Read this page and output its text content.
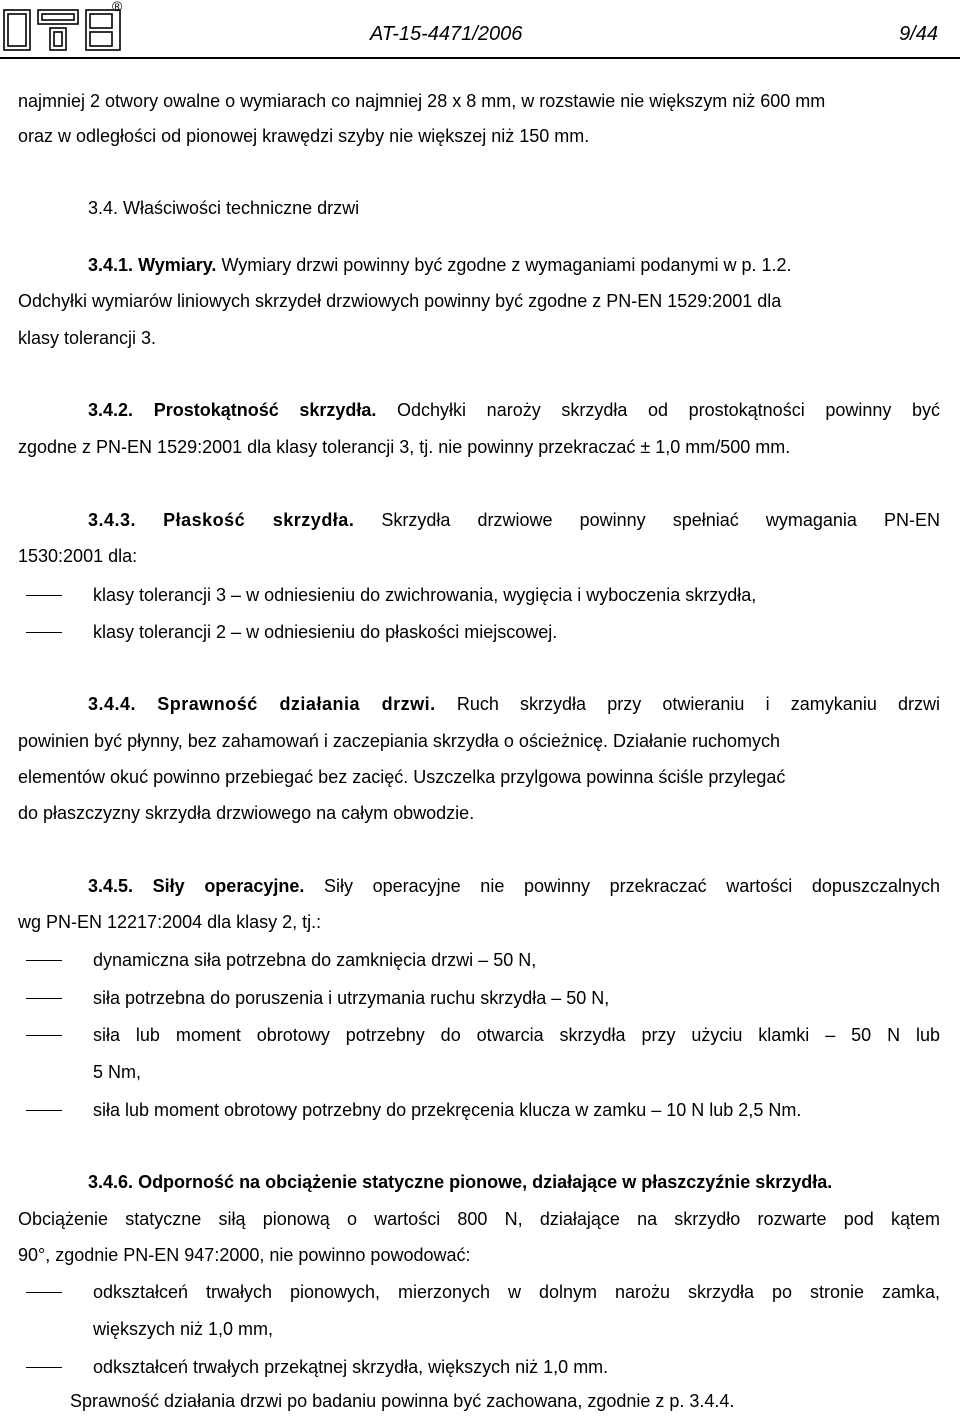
®
AT-15-4471/2006	9/44
najmniej 2 otwory owalne o wymiarach co najmniej 28 x 8 mm, w rozstawie nie większym niż 600 mm
oraz w odległości od pionowej krawędzi szyby nie większej niż 150 mm.
3.4. Właściwości techniczne drzwi
3.4.1. Wymiary. Wymiary drzwi powinny być zgodne z wymaganiami podanymi w p. 1.2.
Odchyłki wymiarów liniowych skrzydeł drzwiowych powinny być zgodne z PN-EN 1529:2001 dla
klasy tolerancji 3.
3.4.2. Prostokątność skrzydła. Odchyłki naroży skrzydła od prostokątności powinny być
zgodne z PN-EN 1529:2001 dla klasy tolerancji 3, tj. nie powinny przekraczać ± 1,0 mm/500 mm.
3.4.3. Płaskość skrzydła. Skrzydła drzwiowe powinny spełniać wymagania PN-EN
1530:2001 dla:
klasy tolerancji 3 – w odniesieniu do zwichrowania, wygięcia i wyboczenia skrzydła,
klasy tolerancji 2 – w odniesieniu do płaskości miejscowej.
3.4.4. Sprawność działania drzwi. Ruch skrzydła przy otwieraniu i zamykaniu drzwi
powinien być płynny, bez zahamowań i zaczepiania skrzydła o ościeżnicę. Działanie ruchomych
elementów okuć powinno przebiegać bez zacięć. Uszczelka przylgowa powinna ściśle przylegać
do płaszczyzny skrzydła drzwiowego na całym obwodzie.
3.4.5. Siły operacyjne. Siły operacyjne nie powinny przekraczać wartości dopuszczalnych
wg PN-EN 12217:2004 dla klasy 2, tj.:
dynamiczna siła potrzebna do zamknięcia drzwi – 50 N,
siła potrzebna do poruszenia i utrzymania ruchu skrzydła – 50 N,
siła lub moment obrotowy potrzebny do otwarcia skrzydła przy użyciu klamki – 50 N lub
5 Nm,
siła lub moment obrotowy potrzebny do przekręcenia klucza w zamku – 10 N lub 2,5 Nm.
3.4.6. Odporność na obciążenie statyczne pionowe, działające w płaszczyźnie skrzydła.
Obciążenie statyczne siłą pionową o wartości 800 N, działające na skrzydło rozwarte pod kątem
90°, zgodnie PN-EN 947:2000, nie powinno powodować:
odkształceń trwałych pionowych, mierzonych w dolnym narożu skrzydła po stronie zamka,
większych niż 1,0 mm,
odkształceń trwałych przekątnej skrzydła, większych niż 1,0 mm.
Sprawność działania drzwi po badaniu powinna być zachowana, zgodnie z p. 3.4.4.
